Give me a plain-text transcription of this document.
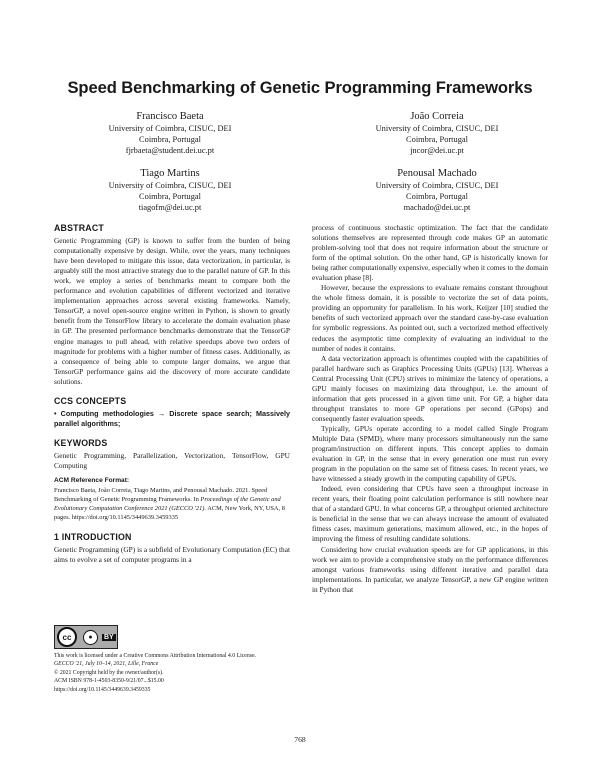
Speed Benchmarking of Genetic Programming Frameworks
Francisco Baeta
University of Coimbra, CISUC, DEI
Coimbra, Portugal
fjrbaeta@student.dei.uc.pt
João Correia
University of Coimbra, CISUC, DEI
Coimbra, Portugal
jncor@dei.uc.pt
Tiago Martins
University of Coimbra, CISUC, DEI
Coimbra, Portugal
tiagofm@dei.uc.pt
Penousal Machado
University of Coimbra, CISUC, DEI
Coimbra, Portugal
machado@dei.uc.pt
ABSTRACT

Genetic Programming (GP) is known to suffer from the burden of being computationally expensive by design. While, over the years, many techniques have been developed to mitigate this issue, data vectorization, in particular, is arguably still the most attractive strategy due to the parallel nature of GP. In this work, we employ a series of benchmarks meant to compare both the performance and evolution capabilities of different vectorized and iterative implementation approaches across several existing frameworks. Namely, TensorGP, a novel open-source engine written in Python, is shown to greatly benefit from the TensorFlow library to accelerate the domain evaluation phase in GP. The presented performance benchmarks demonstrate that the TensorGP engine manages to pull ahead, with relative speedups above two orders of magnitude for problems with a higher number of fitness cases. Additionally, as a consequence of being able to compute larger domains, we argue that TensorGP performance gains aid the discovery of more accurate candidate solutions.

CCS CONCEPTS

• Computing methodologies → Discrete space search; Massively parallel algorithms;

KEYWORDS

Genetic Programming, Parallelization, Vectorization, TensorFlow, GPU Computing

ACM Reference Format:
Francisco Baeta, João Correia, Tiago Martins, and Penousal Machado. 2021. Speed Benchmarking of Genetic Programming Frameworks. In Proceedings of the Genetic and Evolutionary Computation Conference 2021 (GECCO '21). ACM, New York, NY, USA, 8 pages. https://doi.org/10.1145/3449639.3459335
1 INTRODUCTION

Genetic Programming (GP) is a subfield of Evolutionary Computation (EC) that aims to evolve a set of computer programs in a

cc	●	BY
This work is licensed under a Creative Commons Attribution International 4.0 License.
GECCO '21, July 10–14, 2021, Lille, France
© 2021 Copyright held by the owner/author(s).
ACM ISBN 978-1-4503-8350-9/21/07...$15.00
https://doi.org/10.1145/3449639.3459335

process of continuous stochastic optimization. The fact that the candidate solutions themselves are represented through code makes GP an automatic problem-solving tool that does not require information about the structure or form of the optimal solution. On the other hand, GP is historically known for being rather computationally expensive, especially when it comes to the domain evaluation phase [8].

However, because the expressions to evaluate remains constant throughout the whole fitness domain, it is possible to vectorize the set of data points, providing an opportunity for parallelism. In his work, Keijzer [10] studied the benefits of such vectorized approach over the standard case-by-case evaluation for symbolic regressions. As pointed out, such a vectorized method effectively reduces the asymptotic time complexity of evaluating an individual to the number of nodes it contains.

A data vectorization approach is oftentimes coupled with the capabilities of parallel hardware such as Graphics Processing Units (GPUs) [13]. Whereas a Central Processing Unit (CPU) strives to minimize the latency of operations, a GPU mainly focuses on maximizing data throughput, i.e. the amount of information that gets processed in a given time unit. For GP, a higher data throughput translates to more GP operations per second (GPops) and consequently faster evaluation speeds.

Typically, GPUs operate according to a model called Single Program Multiple Data (SPMD), where many processors simultaneously run the same program/instruction on different inputs. This concept applies to domain evaluation in GP, in the sense that in every generation one must run every program in the population on the same set of fitness cases. In recent years, we have witnessed a steady growth in the computing capability of GPUs.

Indeed, even considering that CPUs have seen a throughput increase in recent years, their floating point calculation performance is still nowhere near that of a standard GPU. In what concerns GP, a throughput oriented architecture is beneficial in the sense that we can always increase the amount of evaluated fitness cases, maximum generations, maximum allowed, etc., in the hopes of improving the fitness of resulting candidate solutions.

Considering how crucial evaluation speeds are for GP applications, in this work we aim to provide a comprehensive study on the performance differences amongst various frameworks using different iterative and parallel data implementations. In particular, we analyze TensorGP, a new GP engine written in Python that

768
